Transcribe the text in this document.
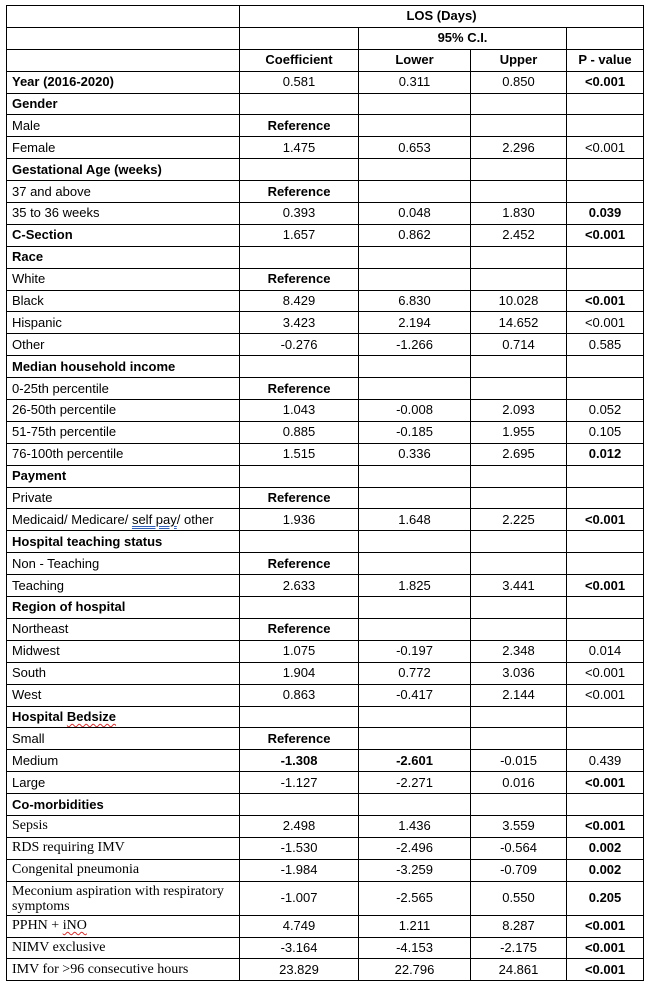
	LOS (Days)			
		95% C.I.		
	Coefficient	Lower	Upper	P - value
Year (2016-2020)	0.581	0.311	0.850	<0.001
Gender				
Male	Reference			
Female	1.475	0.653	2.296	<0.001
Gestational Age (weeks)				
37 and above	Reference			
35 to 36 weeks	0.393	0.048	1.830	0.039
C-Section	1.657	0.862	2.452	<0.001
Race				
White	Reference			
Black	8.429	6.830	10.028	<0.001
Hispanic	3.423	2.194	14.652	<0.001
Other	-0.276	-1.266	0.714	0.585
Median household income				
0-25th percentile	Reference			
26-50th percentile	1.043	-0.008	2.093	0.052
51-75th percentile	0.885	-0.185	1.955	0.105
76-100th percentile	1.515	0.336	2.695	0.012
Payment				
Private	Reference			
Medicaid/ Medicare/ self pay/ other	1.936	1.648	2.225	<0.001
Hospital teaching status				
Non - Teaching	Reference			
Teaching	2.633	1.825	3.441	<0.001
Region of hospital				
Northeast	Reference			
Midwest	1.075	-0.197	2.348	0.014
South	1.904	0.772	3.036	<0.001
West	0.863	-0.417	2.144	<0.001
Hospital Bedsize				
Small	Reference			
Medium	-1.308	-2.601	-0.015	0.439
Large	-1.127	-2.271	0.016	<0.001
Co-morbidities				
Sepsis	2.498	1.436	3.559	<0.001
RDS requiring IMV	-1.530	-2.496	-0.564	0.002
Congenital pneumonia	-1.984	-3.259	-0.709	0.002
Meconium aspiration with respiratory symptoms	-1.007	-2.565	0.550	0.205
PPHN + iNO	4.749	1.211	8.287	<0.001
NIMV exclusive	-3.164	-4.153	-2.175	<0.001
IMV for >96 consecutive hours	23.829	22.796	24.861	<0.001
